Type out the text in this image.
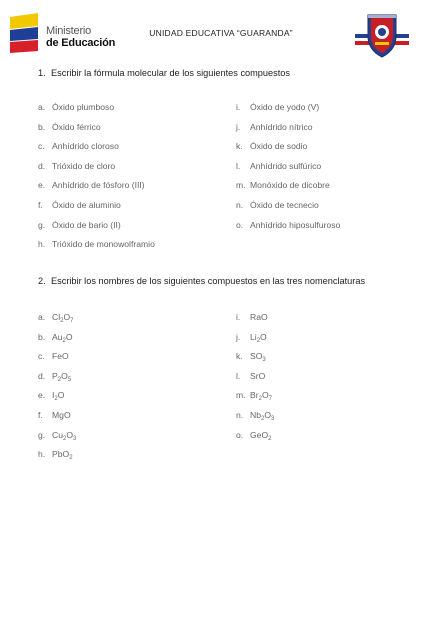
Ministerio
de Educación
UNIDAD EDUCATIVA “GUARANDA”
1. Escribir la fórmula molecular de los siguientes compuestos
a. Óxido plumboso
b. Óxido férrico
c. Anhídrido cloroso
d. Trióxido de cloro
e. Anhídrido de fósforo (III)
f. Óxido de aluminio
g. Óxido de bario (II)
h. Trióxido de monowolframio
i. Óxido de yodo (V)
j. Anhídrido nítrico
k. Óxido de sodio
l. Anhídrido sulfúrico
m. Monóxido de dicobre
n. Óxido de tecnecio
o. Anhídrido hiposulfuroso
2. Escribir los nombres de los siguientes compuestos en las tres nomenclaturas
a. $Cl_2O_7$
b. $Au_2O$
c. FeO
d. $P_2O_5$
e. $I_2O$
f. MgO
g. $Cu_2O_3$
h. PbO$_2$
i. RaO
j. $Li_2O$
k. $SO_3$
l. SrO
m. $Br_2O_7$
n. $Nb_2O_3$
o. GeO$_2$
